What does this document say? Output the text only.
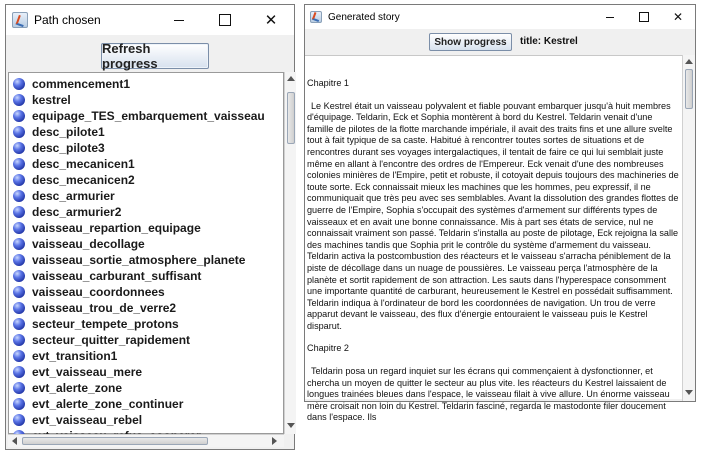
Path chosen	✕
Refresh progress
commencement1
kestrel
equipage_TES_embarquement_vaisseau
desc_pilote1
desc_pilote3
desc_mecanicen1
desc_mecanicen2
desc_armurier
desc_armurier2
vaisseau_repartion_equipage
vaisseau_decollage
vaisseau_sortie_atmosphere_planete
vaisseau_carburant_suffisant
vaisseau_coordonnees
vaisseau_trou_de_verre2
secteur_tempete_protons
secteur_quitter_rapidement
evt_transition1
evt_vaisseau_mere
evt_alerte_zone
evt_alerte_zone_continuer
evt_vaisseau_rebel
Generated story	✕
Show progress	title: Kestrel
Chapitre 1
Le Kestrel était un vaisseau polyvalent et fiable pouvant embarquer jusqu'à huit membres d'équipage. Teldarin, Eck et Sophia montèrent à bord du Kestrel. Teldarin venait d'une famille de pilotes de la flotte marchande impériale, il avait des traits fins et une allure svelte tout à fait typique de sa caste. Habitué à rencontrer toutes sortes de situations et de rencontres durant ses voyages intergalactiques, il tentait de faire ce qui lui semblait juste même en allant à l'encontre des ordres de l'Empereur. Eck venait d'une des nombreuses colonies minières de l'Empire, petit et robuste, il cotoyait depuis toujours des machineries de toute sorte. Eck connaissait mieux les machines que les hommes, peu expressif, il ne communiquait que très peu avec ses semblables. Avant la dissolution des grandes flottes de guerre de l'Empire, Sophia s'occupait des systèmes d'armement sur différents types de vaisseaux et en avait une bonne connaissance. Mis à part ses états de service, nul ne connaissait vraiment son passé. Teldarin s'installa au poste de pilotage, Eck rejoigna la salle des machines tandis que Sophia prit le contrôle du système d'armement du vaisseau. Teldarin activa la postcombustion des réacteurs et le vaisseau s'arracha péniblement de la piste de décollage dans un nuage de poussières. Le vaisseau perça l'atmosphère de la planète et sortit rapidement de son attraction. Les sauts dans l'hyperespace consomment une importante quantité de carburant, heureusement le Kestrel en possédait suffisamment. Teldarin indiqua à l'ordinateur de bord les coordonnées de navigation. Un trou de verre apparut devant le vaisseau, des flux d'énergie entouraient le vaisseau puis le Kestrel disparut.
Chapitre 2
Teldarin posa un regard inquiet sur les écrans qui commençaient à dysfonctionner, et chercha un moyen de quitter le secteur au plus vite. les réacteurs du Kestrel laissaient de longues trainées bleues dans l'espace, le vaisseau filait à vive allure. Un énorme vaisseau mère croisait non loin du Kestrel. Teldarin fasciné, regarda le mastodonte filer doucement dans l'espace. Ils
